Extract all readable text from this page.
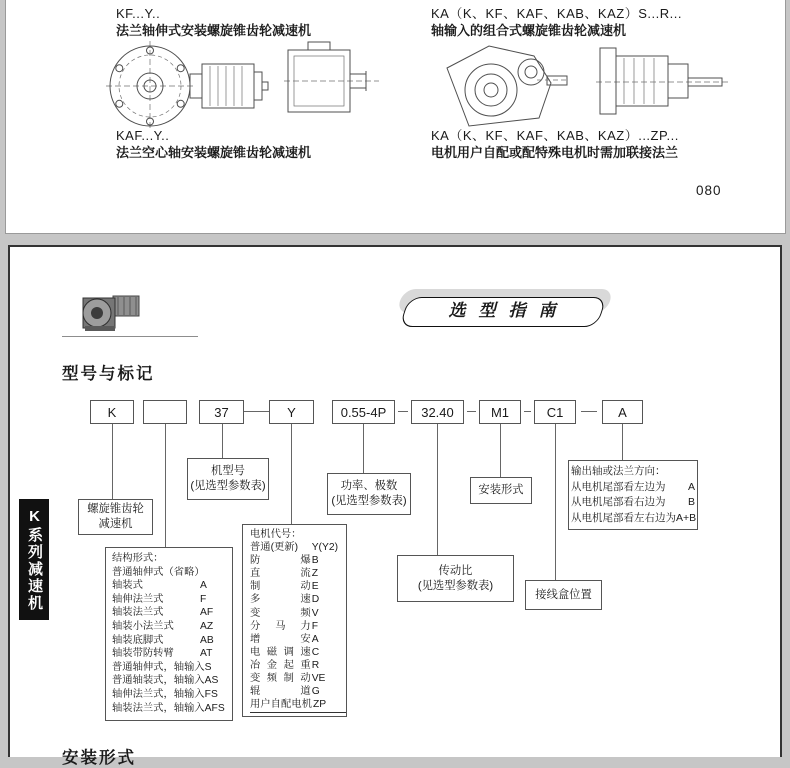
KF...Y..
法兰轴伸式安装螺旋锥齿轮减速机
KA（K、KF、KAF、KAB、KAZ）S...R...
轴输入的组合式螺旋锥齿轮减速机
KAF...Y..
法兰空心轴安装螺旋锥齿轮减速机
KA（K、KF、KAF、KAB、KAZ）...ZP...
电机用户自配或配特殊电机时需加联接法兰
080
选型指南
型号与标记
K系列减速机
K	37	Y	0.55-4P	32.40	M1	C1	A
螺旋锥齿轮
减速机
机型号
(见选型参数表)	功率、极数
(见选型参数表)
安装形式
输出轴或法兰方向：
从电机尾部看左边为 A
从电机尾部看右边为 B
从电机尾部看左右边为 A+B
结构形式：
普通轴伸式（省略）
轴装式	A
轴伸法兰式	F
轴装法兰式	AF
轴装小法兰式	AZ
轴装底脚式	AB
轴装带防转臂	AT
普通轴伸式，轴输入 S
普通轴装式，轴输入 AS
轴伸法兰式，轴输入 FS
轴装法兰式，轴输入 AFS
电机代号：
普通(更新)	Y(Y2)
防爆 B
直流 Z
制动 E
多速 D
变频 V
分马力 F
增安 A
电磁调速 C
冶金起重 R
变频制动 VE
辊道 G
用户自配电机 ZP
传动比
(见选型参数表)
接线盒位置
安装形式
